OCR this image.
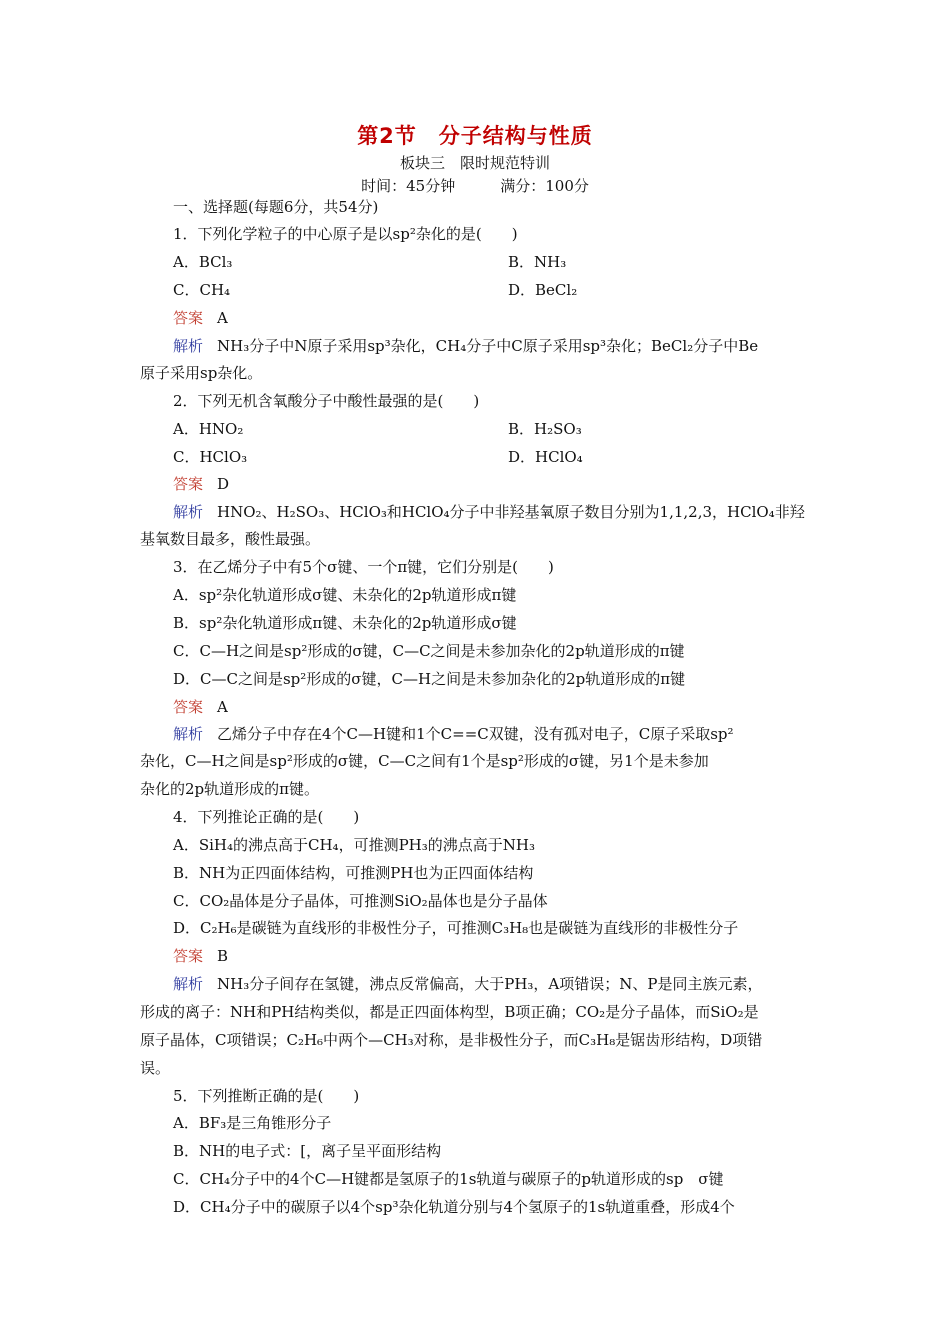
第2节　分子结构与性质
板块三　限时规范特训
时间：45分钟　　　满分：100分
一、选择题(每题6分，共54分)
1．下列化学粒子的中心原子是以sp²杂化的是(　　)
A．BCl₃	B．NH₃
C．CH₄	D．BeCl₂
答案 A
解析 NH₃分子中N原子采用sp³杂化，CH₄分子中C原子采用sp³杂化；BeCl₂分子中Be
原子采用sp杂化。
2．下列无机含氧酸分子中酸性最强的是(　　)
A．HNO₂	B．H₂SO₃
C．HClO₃	D．HClO₄
答案 D
解析 HNO₂、H₂SO₃、HClO₃和HClO₄分子中非羟基氧原子数目分别为1,1,2,3，HClO₄非羟
基氧数目最多，酸性最强。
3．在乙烯分子中有5个σ键、一个π键，它们分别是(　　)
A．sp²杂化轨道形成σ键、未杂化的2p轨道形成π键
B．sp²杂化轨道形成π键、未杂化的2p轨道形成σ键
C．C—H之间是sp²形成的σ键，C—C之间是未参加杂化的2p轨道形成的π键
D．C—C之间是sp²形成的σ键，C—H之间是未参加杂化的2p轨道形成的π键
答案 A
解析 乙烯分子中存在4个C—H键和1个C==C双键，没有孤对电子，C原子采取sp²
杂化，C—H之间是sp²形成的σ键，C—C之间有1个是sp²形成的σ键，另1个是未参加
杂化的2p轨道形成的π键。
4．下列推论正确的是(　　)
A．SiH₄的沸点高于CH₄，可推测PH₃的沸点高于NH₃
B．NH为正四面体结构，可推测PH也为正四面体结构
C．CO₂晶体是分子晶体，可推测SiO₂晶体也是分子晶体
D．C₂H₆是碳链为直线形的非极性分子，可推测C₃H₈也是碳链为直线形的非极性分子
答案 B
解析 NH₃分子间存在氢键，沸点反常偏高，大于PH₃，A项错误；N、P是同主族元素，
形成的离子：NH和PH结构类似，都是正四面体构型，B项正确；CO₂是分子晶体，而SiO₂是
原子晶体，C项错误；C₂H₆中两个—CH₃对称，是非极性分子，而C₃H₈是锯齿形结构，D项错
误。
5．下列推断正确的是(　　)
A．BF₃是三角锥形分子
B．NH的电子式：[，离子呈平面形结构
C．CH₄分子中的4个C—H键都是氢原子的1s轨道与碳原子的p轨道形成的sp　σ键
D．CH₄分子中的碳原子以4个sp³杂化轨道分别与4个氢原子的1s轨道重叠，形成4个
